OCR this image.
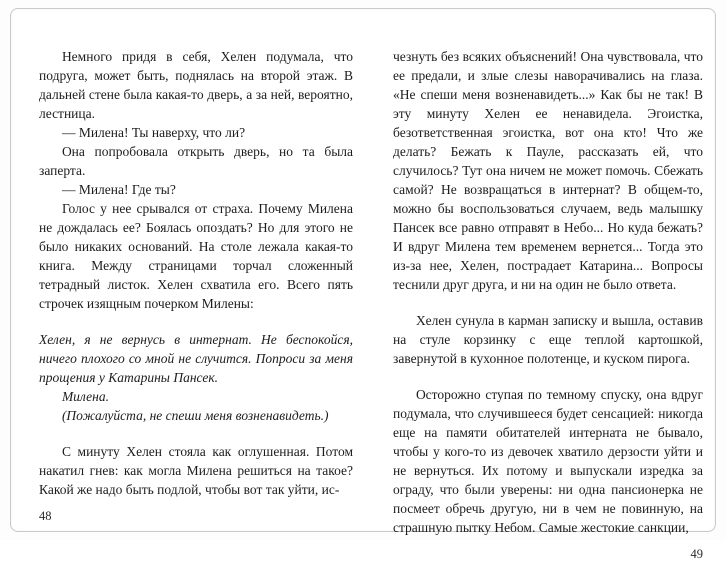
Немного придя в себя, Хелен подумала, что подруга, может быть, поднялась на второй этаж. В дальней стене была какая-то дверь, а за ней, вероятно, лестница.

— Милена! Ты наверху, что ли?

Она попробовала открыть дверь, но та была заперта.

— Милена! Где ты?

Голос у нее срывался от страха. Почему Милена не дождалась ее? Боялась опоздать? Но для этого не было никаких оснований. На столе лежала какая-то книга. Между страницами торчал сложенный тетрадный листок. Хелен схватила его. Всего пять строчек изящным почерком Милены:

Хелен, я не вернусь в интернат. Не беспокойся, ничего плохого со мной не случится. Попроси за меня прощения у Катарины Пансек.

Милена.

(Пожалуйста, не спеши меня возненавидеть.)

С минуту Хелен стояла как оглушенная. Потом накатил гнев: как могла Милена решиться на такое? Какой же надо быть подлой, чтобы вот так уйти, ис-

48

чезнуть без всяких объяснений! Она чувствовала, что ее предали, и злые слезы наворачивались на глаза. «Не спеши меня возненавидеть...» Как бы не так! В эту минуту Хелен ее ненавидела. Эгоистка, безответственная эгоистка, вот она кто! Что же делать? Бежать к Пауле, рассказать ей, что случилось? Тут она ничем не может помочь. Сбежать самой? Не возвращаться в интернат? В общем-то, можно бы воспользоваться случаем, ведь малышку Пансек все равно отправят в Небо... Но куда бежать? И вдруг Милена тем временем вернется... Тогда это из-за нее, Хелен, пострадает Катарина... Вопросы теснили друг друга, и ни на один не было ответа.

Хелен сунула в карман записку и вышла, оставив на стуле корзинку с еще теплой картошкой, завернутой в кухонное полотенце, и куском пирога.

Осторожно ступая по темному спуску, она вдруг подумала, что случившееся будет сенсацией: никогда еще на памяти обитателей интерната не бывало, чтобы у кого-то из девочек хватило дерзости уйти и не вернуться. Их потому и выпускали изредка за ограду, что были уверены: ни одна пансионерка не посмеет обречь другую, ни в чем не повинную, на страшную пытку Небом. Самые жестокие санкции,

49
